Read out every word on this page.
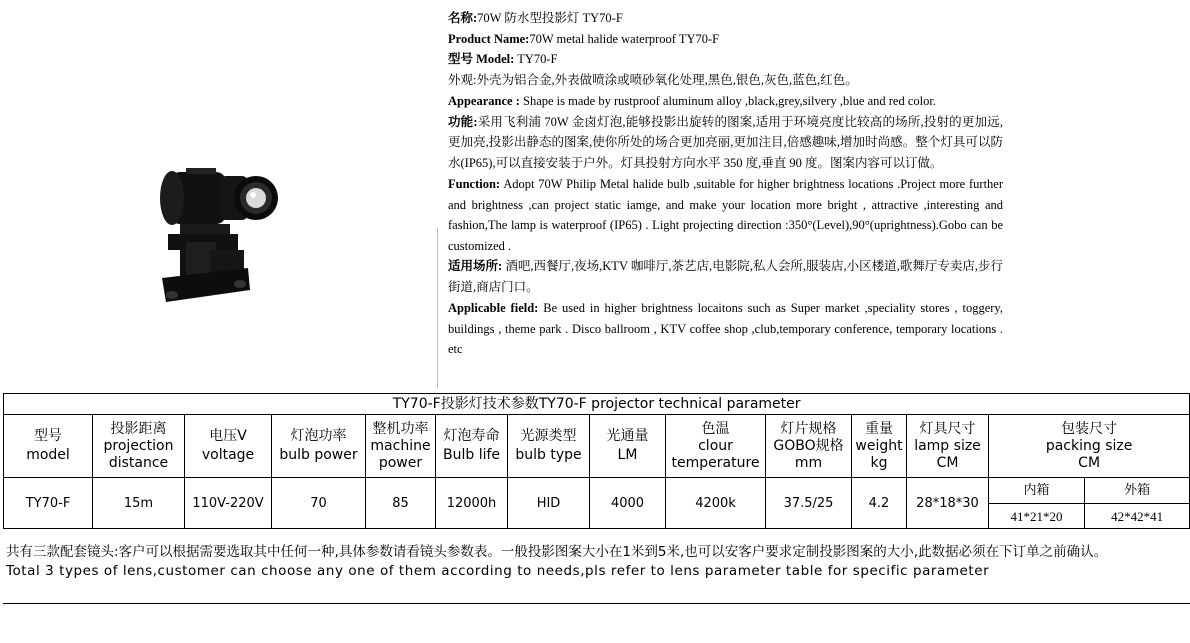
名称:70W 防水型投影灯 TY70-F

Product Name:70W metal halide waterproof TY70-F

型号 Model: TY70-F

外观:外壳为铝合金,外表做喷涂或喷砂氧化处理,黑色,银色,灰色,蓝色,红色。

Appearance : Shape is made by rustproof aluminum alloy ,black,grey,silvery ,blue and red color.

功能:采用飞利浦 70W 金卤灯泡,能够投影出旋转的图案,适用于环境亮度比较高的场所,投射的更加远,更加亮,投影出静态的图案,使你所处的场合更加亮丽,更加注目,倍感趣味,增加时尚感。整个灯具可以防水(IP65),可以直接安装于户外。灯具投射方向水平 350 度,垂直 90 度。图案内容可以订做。

Function: Adopt 70W Philip Metal halide bulb ,suitable for higher brightness locations .Project more further and brightness ,can project static iamge, and make your location more bright , attractive ,interesting and fashion,The lamp is waterproof (IP65) . Light projecting direction :350°(Level),90°(uprightness).Gobo can be customized .

适用场所: 酒吧,西餐厅,夜场,KTV 咖啡厅,茶艺店,电影院,私人会所,服装店,小区楼道,歌舞厅专卖店,步行街道,商店门口。

Applicable field: Be used in higher brightness locaitons such as Super market ,speciality stores , toggery, buildings , theme park . Disco ballroom , KTV coffee shop ,club,temporary conference, temporary locations . etc

TY70-F投影灯技术参数TY70-F projector technical parameter													
型号
model	投影距离
projection
distance	电压V
voltage	灯泡功率
bulb power	整机功率
machine
power	灯泡寿命
Bulb life	光源类型
bulb type	光通量
LM	色温
clour
temperature	灯片规格
GOBO规格
mm	重量
weight
kg	灯具尺寸
lamp size
CM	包装尺寸
packing size
CM	
TY70-F	15m	110V-220V	70	85	12000h	HID	4000	4200k	37.5/25	4.2	28*18*30	内箱	外箱
												41*21*20	42*42*41

共有三款配套镜头:客户可以根据需要选取其中任何一种,具体参数请看镜头参数表。一般投影图案大小在1米到5米,也可以安客户要求定制投影图案的大小,此数据必须在下订单之前确认。

Total 3 types of lens,customer can choose any one of them according to needs,pls refer to lens parameter table for specific parameter
